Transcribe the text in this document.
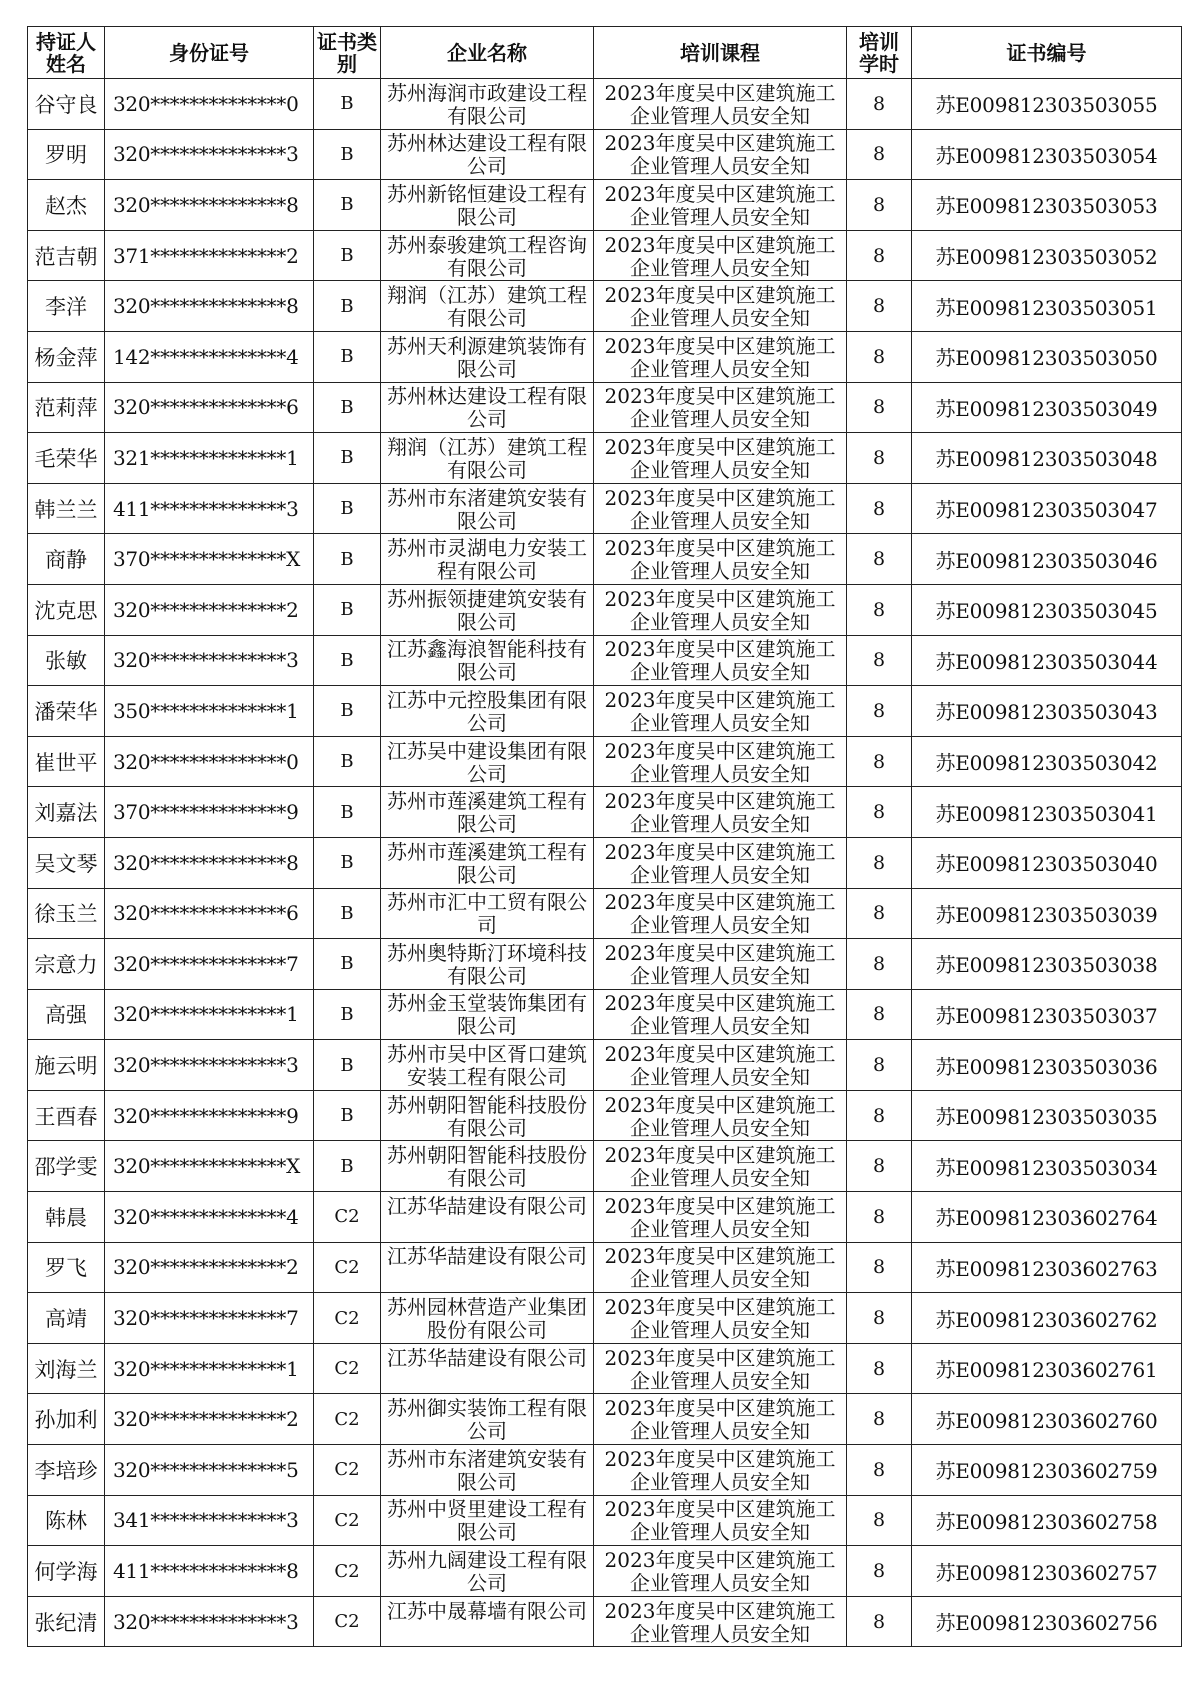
持证人姓名	身份证号	证书类别	企业名称	培训课程	培训学时	证书编号
谷守良	320**************0	B	苏州海润市政建设工程有限公司	2023年度吴中区建筑施工企业管理人员安全知	8	苏E009812303503055
罗明	320**************3	B	苏州林达建设工程有限公司	2023年度吴中区建筑施工企业管理人员安全知	8	苏E009812303503054
赵杰	320**************8	B	苏州新铭恒建设工程有限公司	2023年度吴中区建筑施工企业管理人员安全知	8	苏E009812303503053
范吉朝	371**************2	B	苏州泰骏建筑工程咨询有限公司	2023年度吴中区建筑施工企业管理人员安全知	8	苏E009812303503052
李洋	320**************8	B	翔润（江苏）建筑工程有限公司	2023年度吴中区建筑施工企业管理人员安全知	8	苏E009812303503051
杨金萍	142**************4	B	苏州天利源建筑装饰有限公司	2023年度吴中区建筑施工企业管理人员安全知	8	苏E009812303503050
范莉萍	320**************6	B	苏州林达建设工程有限公司	2023年度吴中区建筑施工企业管理人员安全知	8	苏E009812303503049
毛荣华	321**************1	B	翔润（江苏）建筑工程有限公司	2023年度吴中区建筑施工企业管理人员安全知	8	苏E009812303503048
韩兰兰	411**************3	B	苏州市东渚建筑安装有限公司	2023年度吴中区建筑施工企业管理人员安全知	8	苏E009812303503047
商静	370**************X	B	苏州市灵湖电力安装工程有限公司	2023年度吴中区建筑施工企业管理人员安全知	8	苏E009812303503046
沈克思	320**************2	B	苏州振领捷建筑安装有限公司	2023年度吴中区建筑施工企业管理人员安全知	8	苏E009812303503045
张敏	320**************3	B	江苏鑫海浪智能科技有限公司	2023年度吴中区建筑施工企业管理人员安全知	8	苏E009812303503044
潘荣华	350**************1	B	江苏中元控股集团有限公司	2023年度吴中区建筑施工企业管理人员安全知	8	苏E009812303503043
崔世平	320**************0	B	江苏吴中建设集团有限公司	2023年度吴中区建筑施工企业管理人员安全知	8	苏E009812303503042
刘嘉法	370**************9	B	苏州市莲溪建筑工程有限公司	2023年度吴中区建筑施工企业管理人员安全知	8	苏E009812303503041
吴文琴	320**************8	B	苏州市莲溪建筑工程有限公司	2023年度吴中区建筑施工企业管理人员安全知	8	苏E009812303503040
徐玉兰	320**************6	B	苏州市汇中工贸有限公司	2023年度吴中区建筑施工企业管理人员安全知	8	苏E009812303503039
宗意力	320**************7	B	苏州奥特斯汀环境科技有限公司	2023年度吴中区建筑施工企业管理人员安全知	8	苏E009812303503038
高强	320**************1	B	苏州金玉堂装饰集团有限公司	2023年度吴中区建筑施工企业管理人员安全知	8	苏E009812303503037
施云明	320**************3	B	苏州市吴中区胥口建筑安装工程有限公司	2023年度吴中区建筑施工企业管理人员安全知	8	苏E009812303503036
王酉春	320**************9	B	苏州朝阳智能科技股份有限公司	2023年度吴中区建筑施工企业管理人员安全知	8	苏E009812303503035
邵学雯	320**************X	B	苏州朝阳智能科技股份有限公司	2023年度吴中区建筑施工企业管理人员安全知	8	苏E009812303503034
韩晨	320**************4	C2	江苏华喆建设有限公司	2023年度吴中区建筑施工企业管理人员安全知	8	苏E009812303602764
罗飞	320**************2	C2	江苏华喆建设有限公司	2023年度吴中区建筑施工企业管理人员安全知	8	苏E009812303602763
高靖	320**************7	C2	苏州园林营造产业集团股份有限公司	2023年度吴中区建筑施工企业管理人员安全知	8	苏E009812303602762
刘海兰	320**************1	C2	江苏华喆建设有限公司	2023年度吴中区建筑施工企业管理人员安全知	8	苏E009812303602761
孙加利	320**************2	C2	苏州御实装饰工程有限公司	2023年度吴中区建筑施工企业管理人员安全知	8	苏E009812303602760
李培珍	320**************5	C2	苏州市东渚建筑安装有限公司	2023年度吴中区建筑施工企业管理人员安全知	8	苏E009812303602759
陈林	341**************3	C2	苏州中贤里建设工程有限公司	2023年度吴中区建筑施工企业管理人员安全知	8	苏E009812303602758
何学海	411**************8	C2	苏州九阔建设工程有限公司	2023年度吴中区建筑施工企业管理人员安全知	8	苏E009812303602757
张纪清	320**************3	C2	江苏中晟幕墙有限公司	2023年度吴中区建筑施工企业管理人员安全知	8	苏E009812303602756
